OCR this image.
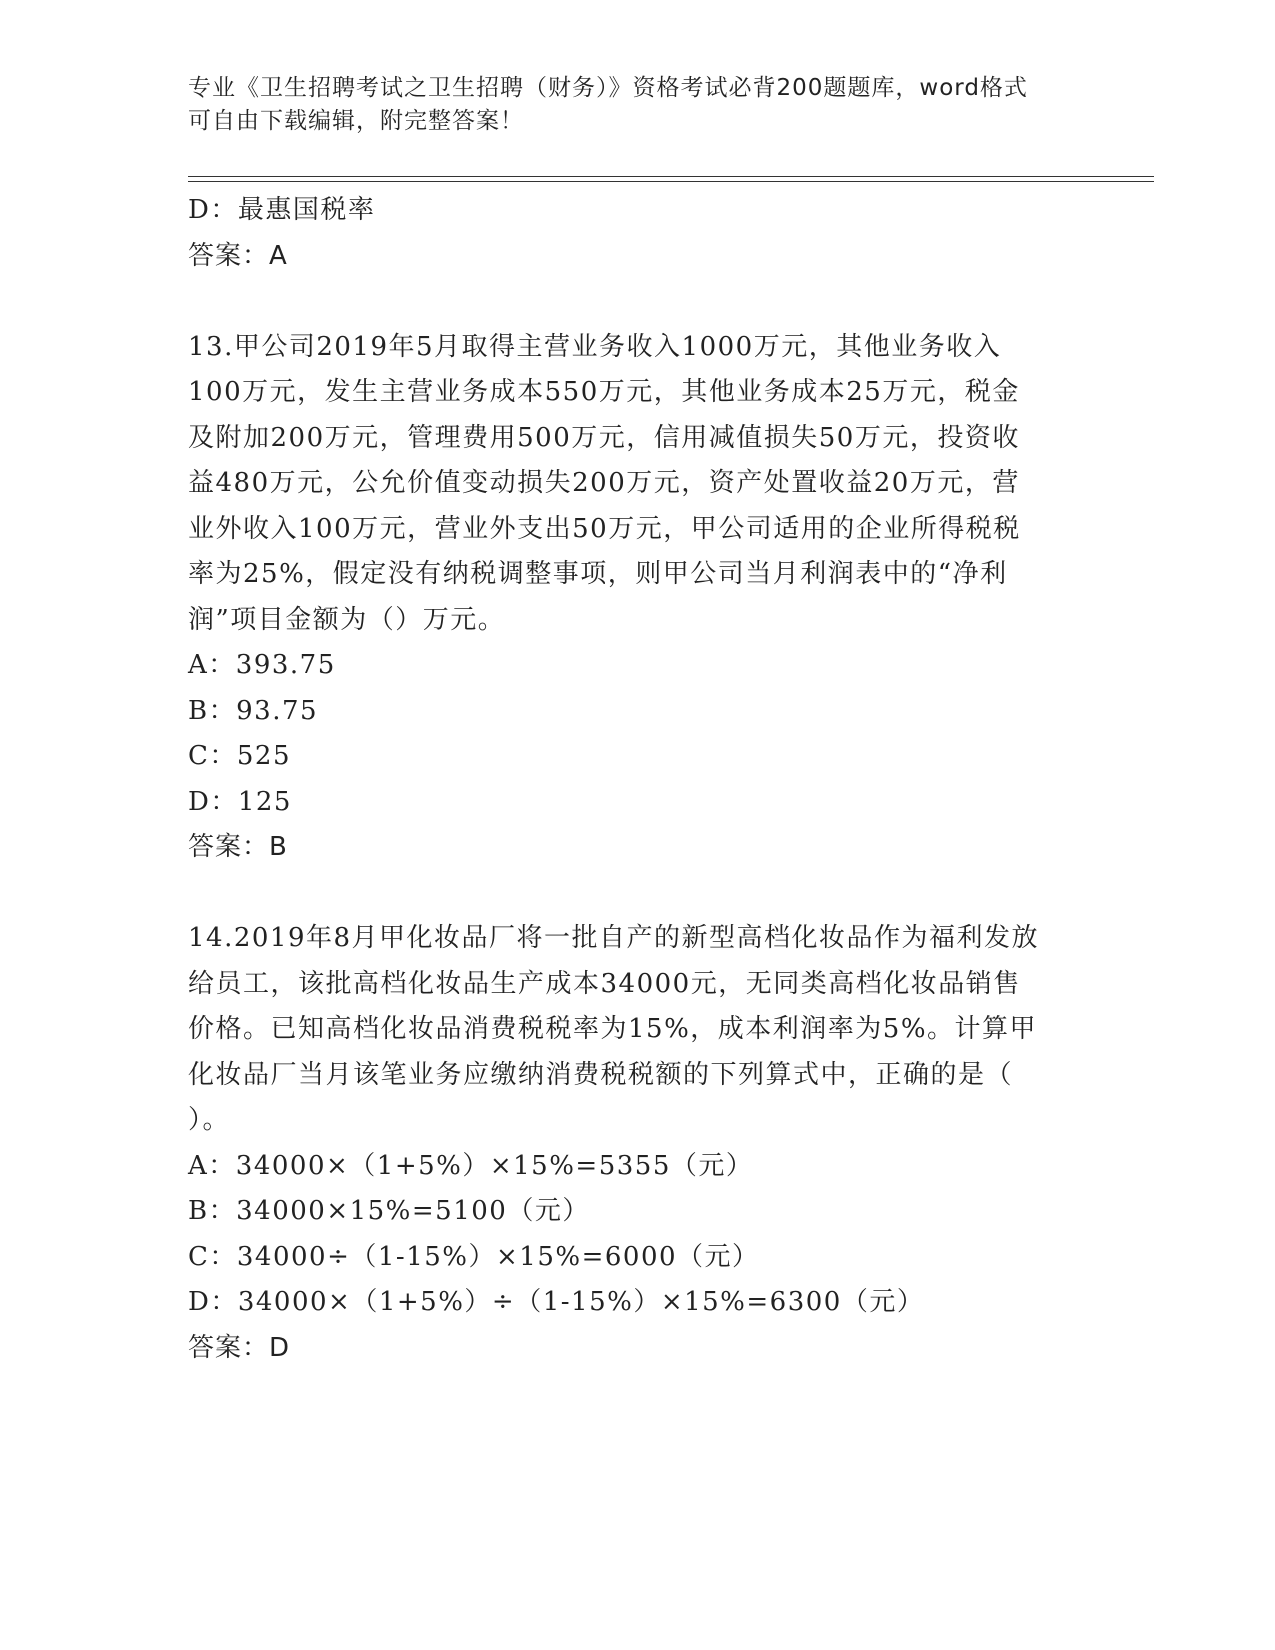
专业《卫生招聘考试之卫生招聘（财务）》资格考试必背200题题库，word格式
可自由下载编辑，附完整答案！
D：最惠国税率
答案：A
13.甲公司2019年5月取得主营业务收入1000万元，其他业务收入
100万元，发生主营业务成本550万元，其他业务成本25万元，税金
及附加200万元，管理费用500万元，信用减值损失50万元，投资收
益480万元，公允价值变动损失200万元，资产处置收益20万元，营
业外收入100万元，营业外支出50万元，甲公司适用的企业所得税税
率为25%，假定没有纳税调整事项，则甲公司当月利润表中的“净利
润”项目金额为（）万元。
A：393.75
B：93.75
C：525
D：125
答案：B
14.2019年8月甲化妆品厂将一批自产的新型高档化妆品作为福利发放
给员工，该批高档化妆品生产成本34000元，无同类高档化妆品销售
价格。已知高档化妆品消费税税率为15%，成本利润率为5%。计算甲
化妆品厂当月该笔业务应缴纳消费税税额的下列算式中，正确的是（
）。
A：34000×（1+5%）×15%=5355（元）
B：34000×15%=5100（元）
C：34000÷（1-15%）×15%=6000（元）
D：34000×（1+5%）÷（1-15%）×15%=6300（元）
答案：D
